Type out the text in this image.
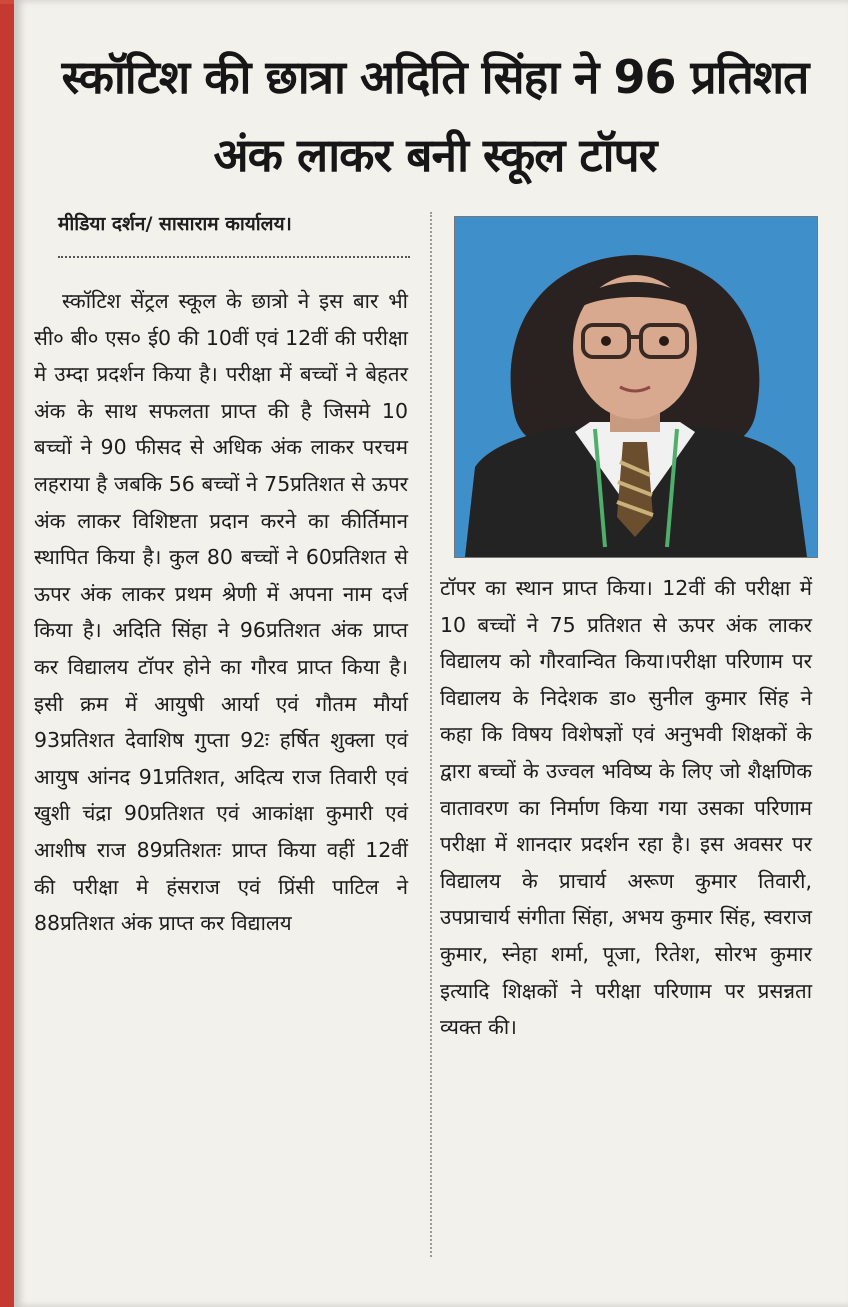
स्कॉटिश की छात्रा अदिति सिंहा ने 96 प्रतिशत अंक लाकर बनी स्कूल टॉपर
मीडिया दर्शन/ सासाराम कार्यालय।

स्कॉटिश सेंट्रल स्कूल के छात्रो ने इस बार भी सी० बी० एस० ई0 की 10वीं एवं 12वीं की परीक्षा मे उम्दा प्रदर्शन किया है। परीक्षा में बच्चों ने बेहतर अंक के साथ सफलता प्राप्त की है जिसमे 10 बच्चों ने 90 फीसद से अधिक अंक लाकर परचम लहराया है जबकि 56 बच्चों ने 75प्रतिशत से ऊपर अंक लाकर विशिष्टता प्रदान करने का कीर्तिमान स्थापित किया है। कुल 80 बच्चों ने 60प्रतिशत से ऊपर अंक लाकर प्रथम श्रेणी में अपना नाम दर्ज किया है। अदिति सिंहा ने 96प्रतिशत अंक प्राप्त कर विद्यालय टॉपर होने का गौरव प्राप्त किया है। इसी क्रम में आयुषी आर्या एवं गौतम मौर्या 93प्रतिशत देवाशिष गुप्ता 92ः हर्षित शुक्ला एवं आयुष आंनद 91प्रतिशत, अदित्य राज तिवारी एवं खुशी चंद्रा 90प्रतिशत एवं आकांक्षा कुमारी एवं आशीष राज 89प्रतिशतः प्राप्त किया वहीं 12वीं की परीक्षा मे हंसराज एवं प्रिंसी पाटिल ने 88प्रतिशत अंक प्राप्त कर विद्यालय

टॉपर का स्थान प्राप्त किया। 12वीं की परीक्षा में 10 बच्चों ने 75 प्रतिशत से ऊपर अंक लाकर विद्यालय को गौरवान्वित किया।परीक्षा परिणाम पर विद्यालय के निदेशक डा० सुनील कुमार सिंह ने कहा कि विषय विशेषज्ञों एवं अनुभवी शिक्षकों के द्वारा बच्चों के उज्वल भविष्य के लिए जो शैक्षणिक वातावरण का निर्माण किया गया उसका परिणाम परीक्षा में शानदार प्रदर्शन रहा है। इस अवसर पर विद्यालय के प्राचार्य अरूण कुमार तिवारी, उपप्राचार्य संगीता सिंहा, अभय कुमार सिंह, स्वराज कुमार, स्नेहा शर्मा, पूजा, रितेश, सोरभ कुमार इत्यादि शिक्षकों ने परीक्षा परिणाम पर प्रसन्नता व्यक्त की।
